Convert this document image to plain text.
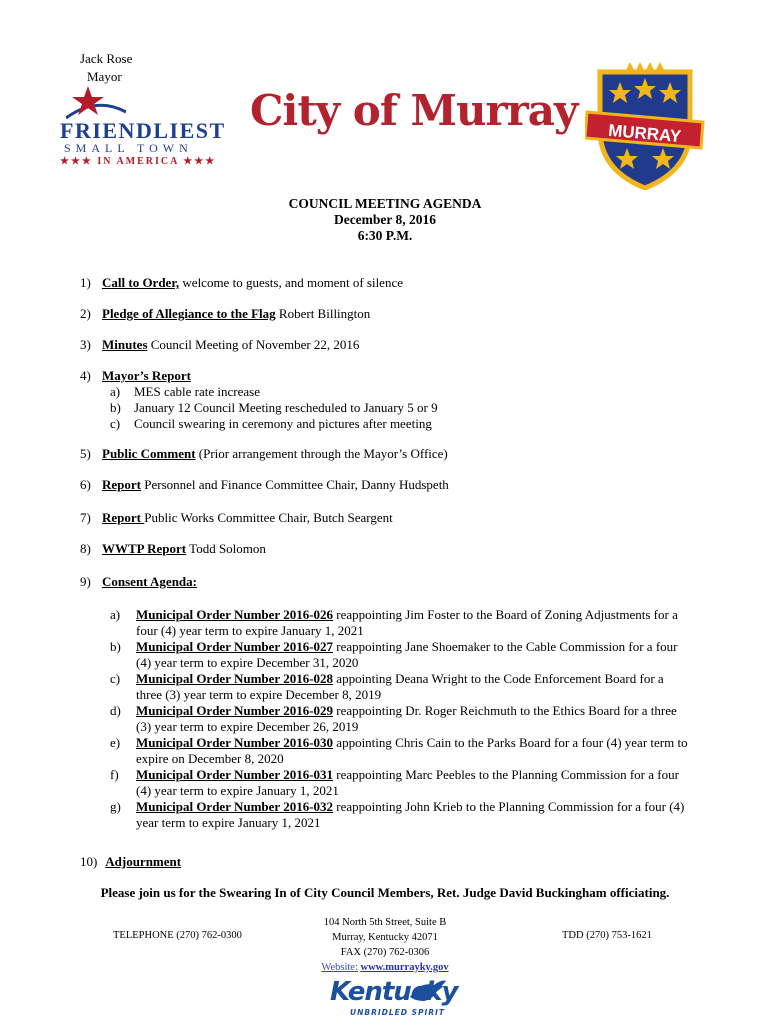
Jack Rose
Mayor
FRIENDLIEST
SMALL TOWN
★★★ IN AMERICA ★★★
City of Murray MURRAY
COUNCIL MEETING AGENDA
December 8, 2016
6:30 P.M.
1) Call to Order, welcome to guests, and moment of silence
2) Pledge of Allegiance to the Flag Robert Billington
3) Minutes Council Meeting of November 22, 2016
4) Mayor’s Report
a) MES cable rate increase
b) January 12 Council Meeting rescheduled to January 5 or 9
c) Council swearing in ceremony and pictures after meeting
5) Public Comment (Prior arrangement through the Mayor’s Office)
6) Report Personnel and Finance Committee Chair, Danny Hudspeth
7) Report Public Works Committee Chair, Butch Seargent
8) WWTP Report Todd Solomon
9) Consent Agenda:
10) Adjournment
a) Municipal Order Number 2016-026 reappointing Jim Foster to the Board of Zoning Adjustments for a four (4) year term to expire January 1, 2021
b) Municipal Order Number 2016-027 reappointing Jane Shoemaker to the Cable Commission for a four (4) year term to expire December 31, 2020
c) Municipal Order Number 2016-028 appointing Deana Wright to the Code Enforcement Board for a three (3) year term to expire December 8, 2019
d) Municipal Order Number 2016-029 reappointing Dr. Roger Reichmuth to the Ethics Board for a three (3) year term to expire December 26, 2019
e) Municipal Order Number 2016-030 appointing Chris Cain to the Parks Board for a four (4) year term to expire on December 8, 2020
f) Municipal Order Number 2016-031 reappointing Marc Peebles to the Planning Commission for a four (4) year term to expire January 1, 2021
g) Municipal Order Number 2016-032 reappointing John Krieb to the Planning Commission for a four (4) year term to expire January 1, 2021
Please join us for the Swearing In of City Council Members, Ret. Judge David Buckingham officiating.
TELEPHONE (270) 762-0300
104 North 5th Street, Suite B
Murray, Kentucky 42071
FAX (270) 762-0306
Website: www.murrayky.gov
TDD (270) 753-1621
Kentucky
UNBRIDLED SPIRIT
